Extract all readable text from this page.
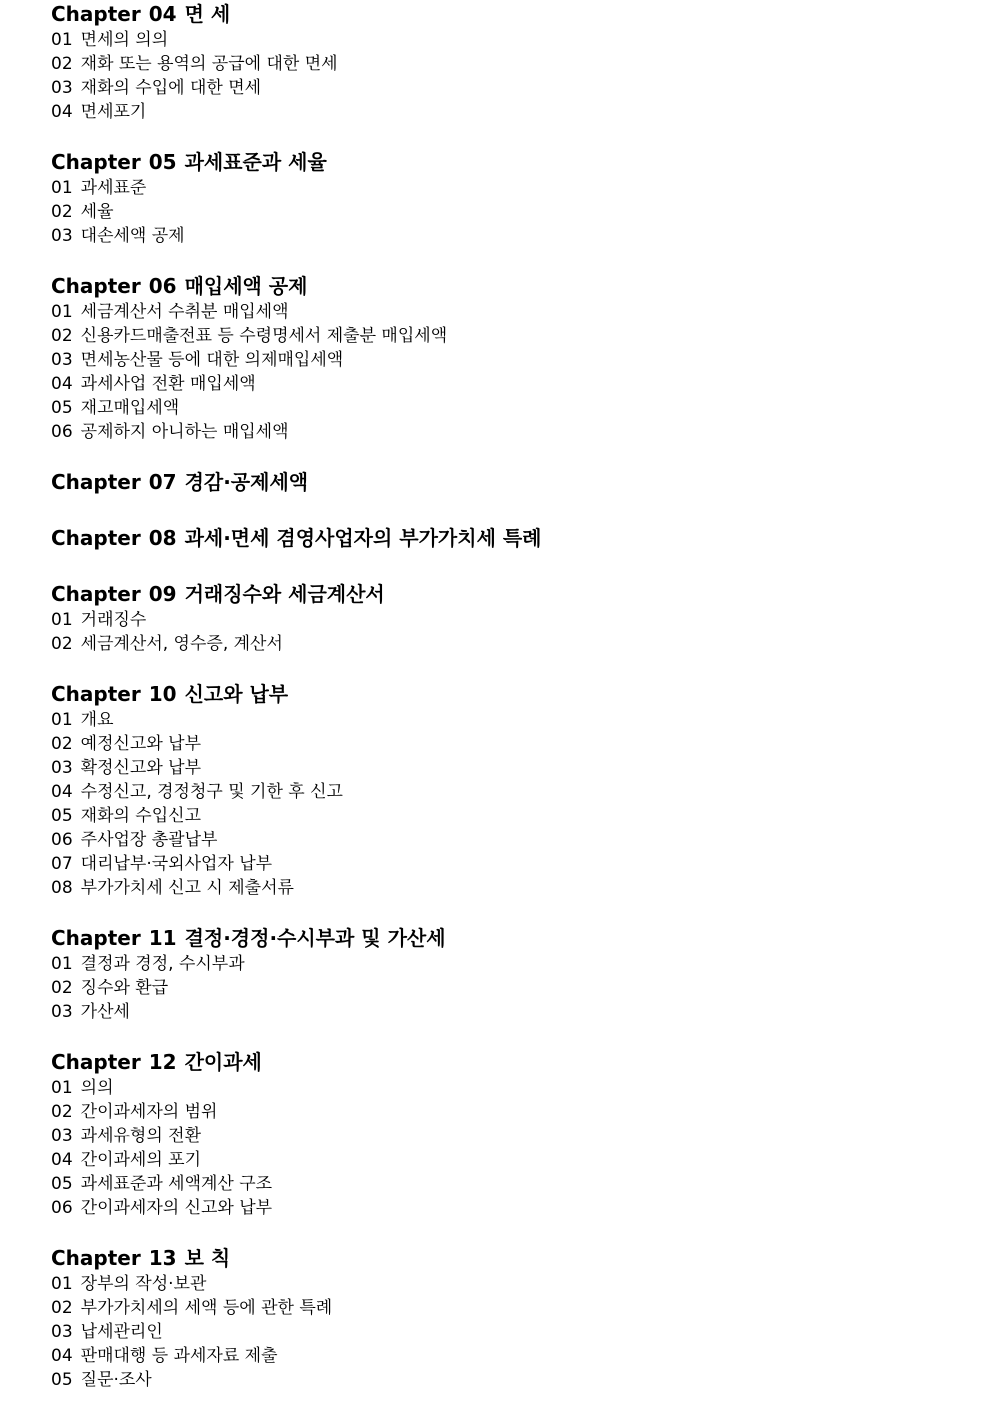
Chapter 04 면 세
01 면세의 의의
02 재화 또는 용역의 공급에 대한 면세
03 재화의 수입에 대한 면세
04 면세포기
Chapter 05 과세표준과 세율
01 과세표준
02 세율
03 대손세액 공제
Chapter 06 매입세액 공제
01 세금계산서 수취분 매입세액
02 신용카드매출전표 등 수령명세서 제출분 매입세액
03 면세농산물 등에 대한 의제매입세액
04 과세사업 전환 매입세액
05 재고매입세액
06 공제하지 아니하는 매입세액
Chapter 07 경감·공제세액
Chapter 08 과세·면세 겸영사업자의 부가가치세 특례
Chapter 09 거래징수와 세금계산서
01 거래징수
02 세금계산서, 영수증, 계산서
Chapter 10 신고와 납부
01 개요
02 예정신고와 납부
03 확정신고와 납부
04 수정신고, 경정청구 및 기한 후 신고
05 재화의 수입신고
06 주사업장 총괄납부
07 대리납부·국외사업자 납부
08 부가가치세 신고 시 제출서류
Chapter 11 결정·경정·수시부과 및 가산세
01 결정과 경정, 수시부과
02 징수와 환급
03 가산세
Chapter 12 간이과세
01 의의
02 간이과세자의 범위
03 과세유형의 전환
04 간이과세의 포기
05 과세표준과 세액계산 구조
06 간이과세자의 신고와 납부
Chapter 13 보 칙
01 장부의 작성·보관
02 부가가치세의 세액 등에 관한 특례
03 납세관리인
04 판매대행 등 과세자료 제출
05 질문·조사
